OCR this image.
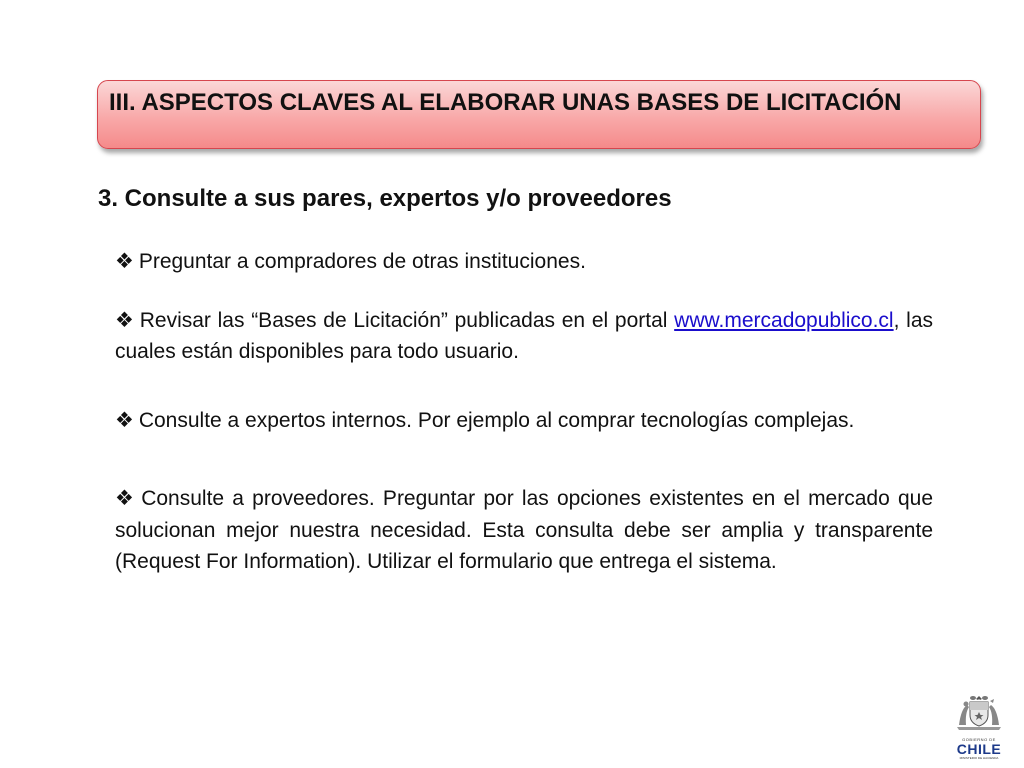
III. ASPECTOS CLAVES AL ELABORAR UNAS BASES DE LICITACIÓN

3. Consulte a sus pares, expertos y/o proveedores

❖ Preguntar a compradores de otras instituciones.
❖ Revisar las “Bases de Licitación” publicadas en el portal www.mercadopublico.cl, las cuales están disponibles para todo usuario.
❖ Consulte a expertos internos. Por ejemplo al comprar tecnologías complejas.
❖ Consulte a proveedores. Preguntar por las opciones existentes en el mercado que solucionan mejor nuestra necesidad. Esta consulta debe ser amplia y transparente (Request For Information). Utilizar el formulario que entrega el sistema.
GOBIERNO DE
CHILE
MINISTERIO DE HACIENDA
